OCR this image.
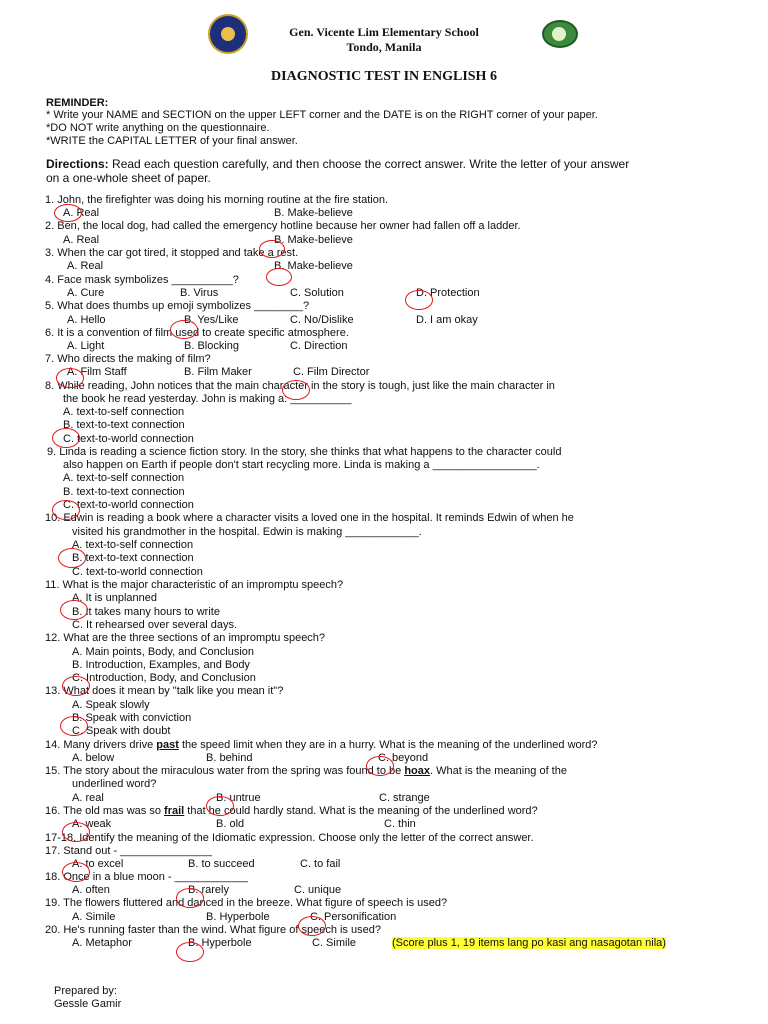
Gen. Vicente Lim Elementary School
Tondo, Manila
DIAGNOSTIC TEST IN ENGLISH 6
REMINDER:
* Write your NAME and SECTION on the upper LEFT corner and the DATE is on the RIGHT corner of your paper.
*DO NOT write anything on the questionnaire.
*WRITE the CAPITAL LETTER of your final answer.
Directions: Read each question carefully, and then choose the correct answer. Write the letter of your answer
on a one-whole sheet of paper.
1. John, the firefighter was doing his morning routine at the fire station.
A. Real	B. Make-believe
2. Ben, the local dog, had called the emergency hotline because her owner had fallen off a ladder.
A. Real	B. Make-believe
3. When the car got tired, it stopped and take a rest.
A. Real	B. Make-believe
4. Face mask symbolizes __________?
A. Cure	B. Virus	C. Solution	D. Protection
5. What does thumbs up emoji symbolizes ________?
A. Hello	B. Yes/Like	C. No/Dislike	D. I am okay
6. It is a convention of film used to create specific atmosphere.
A. Light	B. Blocking	C. Direction
7. Who directs the making of film?
A. Film Staff	B. Film Maker	C. Film Director
8. While reading, John notices that the main character in the story is tough, just like the main character in
the book he read yesterday. John is making a: __________
A. text-to-self connection
B. text-to-text connection
C. text-to-world connection
9. Linda is reading a science fiction story. In the story, she thinks that what happens to the character could
also happen on Earth if people don't start recycling more. Linda is making a _________________.
A. text-to-self connection
B. text-to-text connection
C. text-to-world connection
10. Edwin is reading a book where a character visits a loved one in the hospital. It reminds Edwin of when he
visited his grandmother in the hospital. Edwin is making ____________.
A. text-to-self connection
B. text-to-text connection
C. text-to-world connection
11. What is the major characteristic of an impromptu speech?
A. It is unplanned
B. It takes many hours to write
C. It rehearsed over several days.
12. What are the three sections of an impromptu speech?
A. Main points, Body, and Conclusion
B. Introduction, Examples, and Body
C. Introduction, Body, and Conclusion
13. What does it mean by "talk like you mean it"?
A. Speak slowly
B. Speak with conviction
C. Speak with doubt
14. Many drivers drive past the speed limit when they are in a hurry. What is the meaning of the underlined word?
A. below	B. behind	C. beyond
15. The story about the miraculous water from the spring was found to be hoax. What is the meaning of the
underlined word?
A. real	B. untrue	C. strange
16. The old mas was so frail that he could hardly stand. What is the meaning of the underlined word?
A. weak	B. old	C. thin
17-18. Identify the meaning of the Idiomatic expression. Choose only the letter of the correct answer.
17. Stand out - _______________
A. to excel	B. to succeed	C. to fail
18. Once in a blue moon - ____________
A. often	B. rarely	C. unique
19. The flowers fluttered and danced in the breeze. What figure of speech is used?
A. Simile	B. Hyperbole	C. Personification
20. He's running faster than the wind. What figure of speech is used?
A. Metaphor	B. Hyperbole	C. Simile	(Score plus 1, 19 items lang po kasi ang nasagotan nila)
Prepared by:
Gessle Gamir
